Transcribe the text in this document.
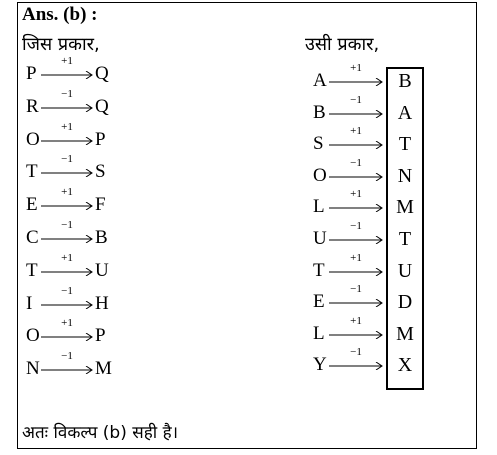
Ans. (b) :
जिस प्रकार,	उसी प्रकार,
P
+1
Q
R
−1
Q
O
+1
P
T
−1
S
E
+1
F
C
−1
B
T
+1
U
I
−1
H
O
+1
P
N
−1
M
A
+1
B
B
−1
A
S
+1
T
O
−1
N
L
+1
M
U
−1
T
T
+1
U
E
−1
D
L
+1
M
Y
−1
X
अतः विकल्प (b) सही है।
